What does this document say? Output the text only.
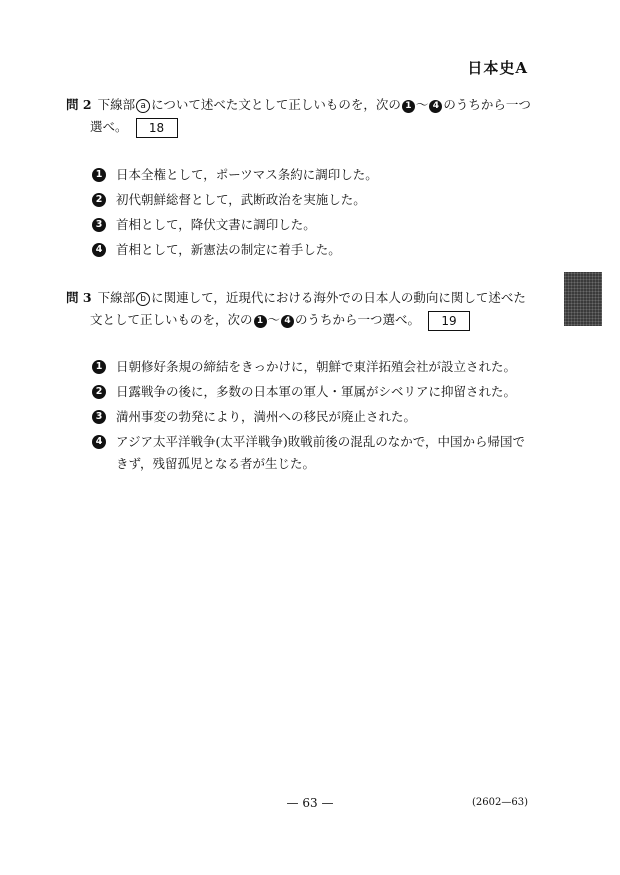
日本史A
問 2 下線部 a について述べた文として正しいものを，次の 1 ～ 4 のうちから一つ
選べ。 18
1 日本全権として，ポーツマス条約に調印した。
2 初代朝鮮総督として，武断政治を実施した。
3 首相として，降伏文書に調印した。
4 首相として，新憲法の制定に着手した。
問 3 下線部 b に関連して，近現代における海外での日本人の動向に関して述べた
文として正しいものを，次の 1 ～ 4 のうちから一つ選べ。 19
1 日朝修好条規の締結をきっかけに，朝鮮で東洋拓殖会社が設立された。
2 日露戦争の後に，多数の日本軍の軍人・軍属がシベリアに抑留された。
3 満州事変の勃発により，満州への移民が廃止された。
4 アジア太平洋戦争(太平洋戦争)敗戦前後の混乱のなかで，中国から帰国できず，残留孤児となる者が生じた。
— 63 —	(2602—63)
